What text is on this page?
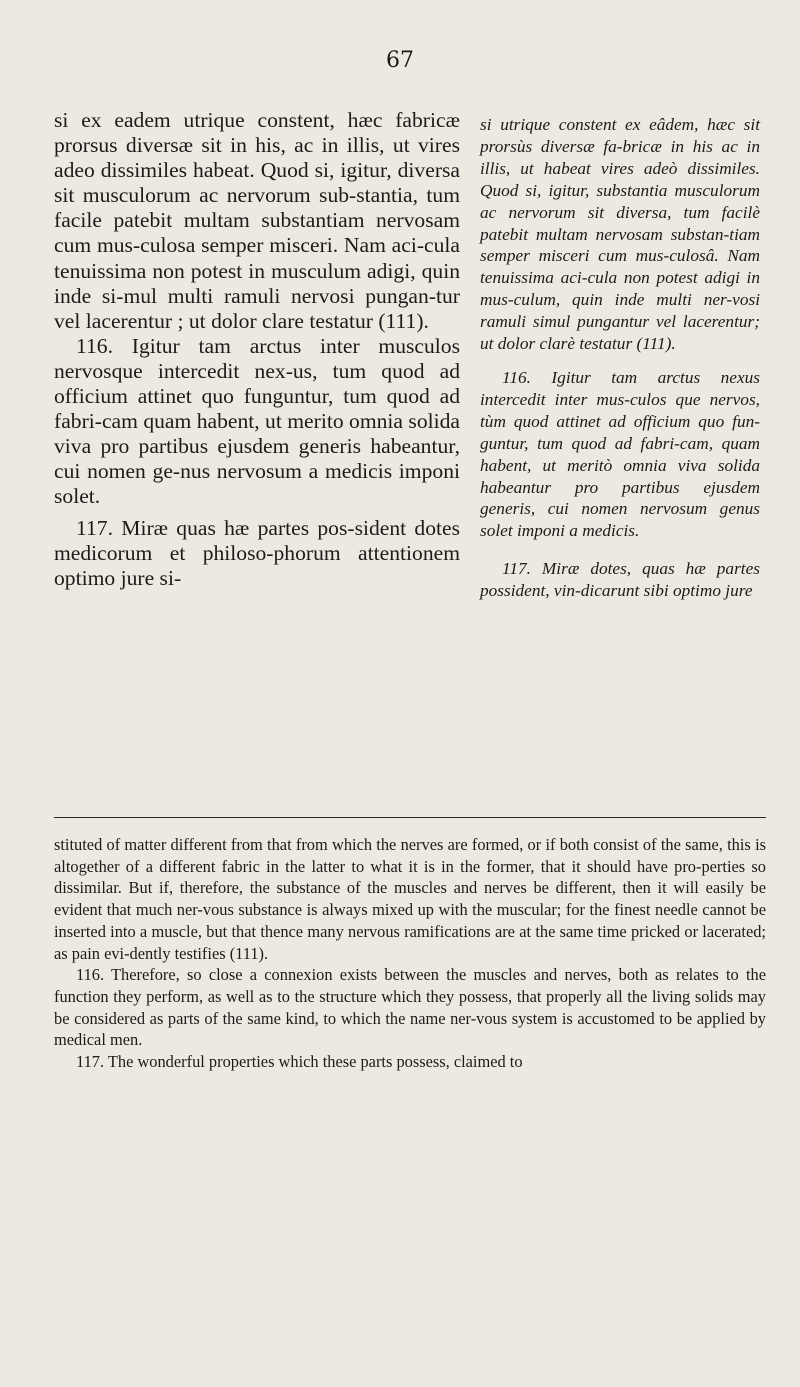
67

si ex eadem utrique constent, hæc fabricæ prorsus diversæ sit in his, ac in illis, ut vires adeo dissimiles habeat. Quod si, igitur, diversa sit musculorum ac nervorum sub-stantia, tum facile patebit multam substantiam nervosam cum mus-culosa semper misceri. Nam aci-cula tenuissima non potest in musculum adigi, quin inde si-mul multi ramuli nervosi pungan-tur vel lacerentur ; ut dolor clare testatur (111).

116. Igitur tam arctus inter musculos nervosque intercedit nex-us, tum quod ad officium attinet quo funguntur, tum quod ad fabri-cam quam habent, ut merito omnia solida viva pro partibus ejusdem generis habeantur, cui nomen ge-nus nervosum a medicis imponi solet.

117. Miræ quas hæ partes pos-sident dotes medicorum et philoso-phorum attentionem optimo jure si-

si utrique constent ex eâdem, hæc sit prorsùs diversæ fa-bricæ in his ac in illis, ut habeat vires adeò dissimiles. Quod si, igitur, substantia musculorum ac nervorum sit diversa, tum facilè patebit multam nervosam substan-tiam semper misceri cum mus-culosâ. Nam tenuissima aci-cula non potest adigi in mus-culum, quin inde multi ner-vosi ramuli simul pungantur vel lacerentur; ut dolor clarè testatur (111).

116. Igitur tam arctus nexus intercedit inter mus-culos que nervos, tùm quod attinet ad officium quo fun-guntur, tum quod ad fabri-cam, quam habent, ut meritò omnia viva solida habeantur pro partibus ejusdem generis, cui nomen nervosum genus solet imponi a medicis.

117. Miræ dotes, quas hæ partes possident, vin-dicarunt sibi optimo jure

stituted of matter different from that from which the nerves are formed, or if both consist of the same, this is altogether of a different fabric in the latter to what it is in the former, that it should have pro-perties so dissimilar. But if, therefore, the substance of the muscles and nerves be different, then it will easily be evident that much ner-vous substance is always mixed up with the muscular; for the finest needle cannot be inserted into a muscle, but that thence many nervous ramifications are at the same time pricked or lacerated; as pain evi-dently testifies (111).

116. Therefore, so close a connexion exists between the muscles and nerves, both as relates to the function they perform, as well as to the structure which they possess, that properly all the living solids may be considered as parts of the same kind, to which the name ner-vous system is accustomed to be applied by medical men.

117. The wonderful properties which these parts possess, claimed to
